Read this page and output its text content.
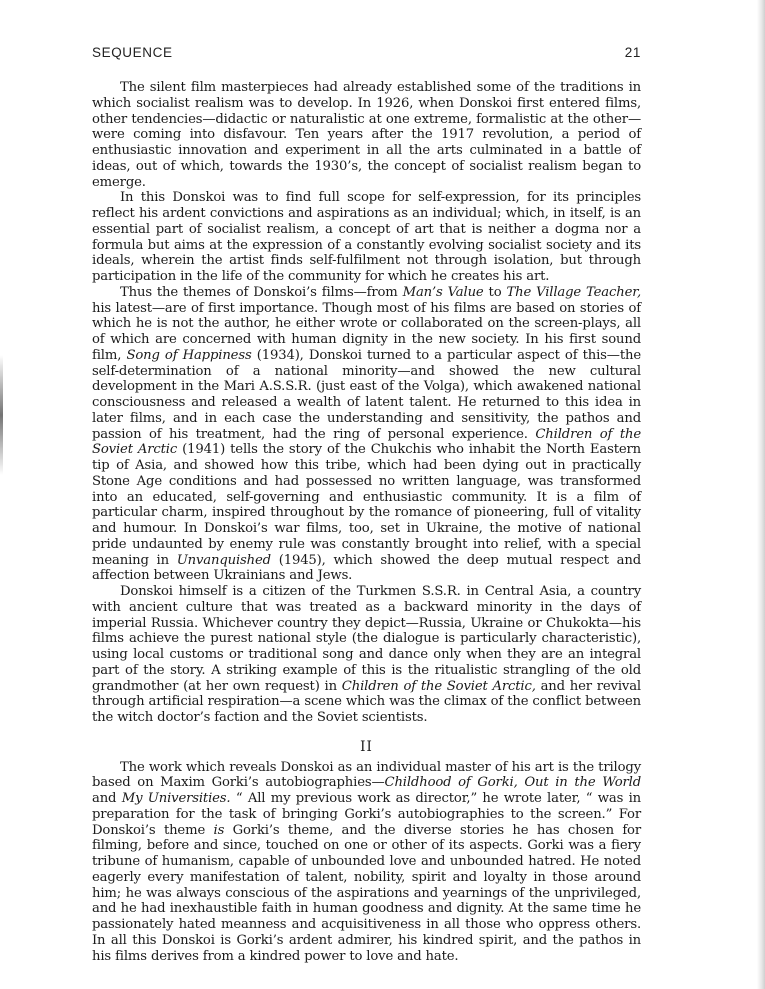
SEQUENCE	21

The silent film masterpieces had already established some of the traditions in which socialist realism was to develop. In 1926, when Donskoi first entered films, other tendencies—didactic or naturalistic at one extreme, formalistic at the other—were coming into disfavour. Ten years after the 1917 revolution, a period of enthusiastic innovation and experiment in all the arts culminated in a battle of ideas, out of which, towards the 1930’s, the concept of socialist realism began to emerge.

In this Donskoi was to find full scope for self-expression, for its principles reflect his ardent convictions and aspirations as an individual; which, in itself, is an essential part of socialist realism, a concept of art that is neither a dogma nor a formula but aims at the expression of a constantly evolving socialist society and its ideals, wherein the artist finds self-fulfilment not through isolation, but through participation in the life of the community for which he creates his art.

Thus the themes of Donskoi’s films—from Man’s Value to The Village Teacher, his latest—are of first importance. Though most of his films are based on stories of which he is not the author, he either wrote or collaborated on the screen-plays, all of which are concerned with human dignity in the new society. In his first sound film, Song of Happiness (1934), Donskoi turned to a particular aspect of this—the self-determination of a national minority—and showed the new cultural development in the Mari A.S.S.R. (just east of the Volga), which awakened national consciousness and released a wealth of latent talent. He returned to this idea in later films, and in each case the understanding and sensitivity, the pathos and passion of his treatment, had the ring of personal experience. Children of the Soviet Arctic (1941) tells the story of the Chukchis who inhabit the North Eastern tip of Asia, and showed how this tribe, which had been dying out in practically Stone Age conditions and had possessed no written language, was transformed into an educated, self-governing and enthusiastic community. It is a film of particular charm, inspired throughout by the romance of pioneering, full of vitality and humour. In Donskoi’s war films, too, set in Ukraine, the motive of national pride undaunted by enemy rule was constantly brought into relief, with a special meaning in Unvanquished (1945), which showed the deep mutual respect and affection between Ukrainians and Jews.

Donskoi himself is a citizen of the Turkmen S.S.R. in Central Asia, a country with ancient culture that was treated as a backward minority in the days of imperial Russia. Whichever country they depict—Russia, Ukraine or Chukokta—his films achieve the purest national style (the dialogue is particularly characteristic), using local customs or traditional song and dance only when they are an integral part of the story. A striking example of this is the ritualistic strangling of the old grandmother (at her own request) in Children of the Soviet Arctic, and her revival through artificial respiration—a scene which was the climax of the conflict between the witch doctor’s faction and the Soviet scientists.

II

The work which reveals Donskoi as an individual master of his art is the trilogy based on Maxim Gorki’s autobiographies—Childhood of Gorki, Out in the World and My Universities. “ All my previous work as director,” he wrote later, “ was in preparation for the task of bringing Gorki’s autobiographies to the screen.” For Donskoi’s theme is Gorki’s theme, and the diverse stories he has chosen for filming, before and since, touched on one or other of its aspects. Gorki was a fiery tribune of humanism, capable of unbounded love and unbounded hatred. He noted eagerly every manifestation of talent, nobility, spirit and loyalty in those around him; he was always conscious of the aspirations and yearnings of the unprivileged, and he had inexhaustible faith in human goodness and dignity. At the same time he passionately hated meanness and acquisitiveness in all those who oppress others. In all this Donskoi is Gorki’s ardent admirer, his kindred spirit, and the pathos in his films derives from a kindred power to love and hate.
